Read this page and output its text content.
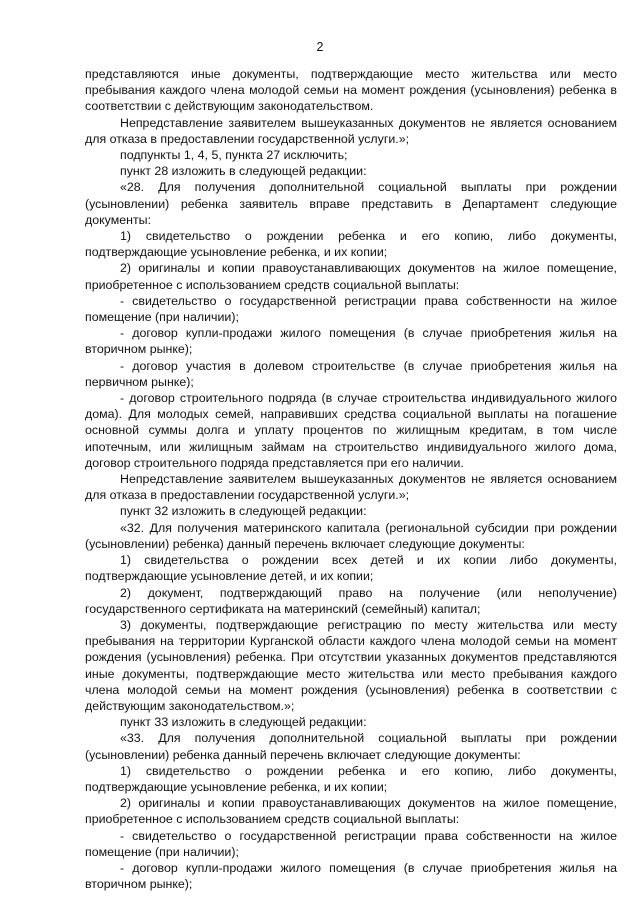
2

представляются иные документы, подтверждающие место жительства или место пребывания каждого члена молодой семьи на момент рождения (усыновления) ребенка в соответствии с действующим законодательством.

Непредставление заявителем вышеуказанных документов не является основанием для отказа в предоставлении государственной услуги.»;

подпункты 1, 4, 5, пункта 27 исключить;

пункт 28 изложить в следующей редакции:

«28. Для получения дополнительной социальной выплаты при рождении (усыновлении) ребенка заявитель вправе представить в Департамент следующие документы:

1) свидетельство о рождении ребенка и его копию, либо документы, подтверждающие усыновление ребенка, и их копии;

2) оригиналы и копии правоустанавливающих документов на жилое помещение, приобретенное с использованием средств социальной выплаты:

- свидетельство о государственной регистрации права собственности на жилое помещение (при наличии);

- договор купли-продажи жилого помещения (в случае приобретения жилья на вторичном рынке);

- договор участия в долевом строительстве (в случае приобретения жилья на первичном рынке);

- договор строительного подряда (в случае строительства индивидуального жилого дома). Для молодых семей, направивших средства социальной выплаты на погашение основной суммы долга и уплату процентов по жилищным кредитам, в том числе ипотечным, или жилищным займам на строительство индивидуального жилого дома, договор строительного подряда представляется при его наличии.

Непредставление заявителем вышеуказанных документов не является основанием для отказа в предоставлении государственной услуги.»;

пункт 32 изложить в следующей редакции:

«32. Для получения материнского капитала (региональной субсидии при рождении (усыновлении) ребенка) данный перечень включает следующие документы:

1) свидетельства о рождении всех детей и их копии либо документы, подтверждающие усыновление детей, и их копии;

2) документ, подтверждающий право на получение (или неполучение) государственного сертификата на материнский (семейный) капитал;

3) документы, подтверждающие регистрацию по месту жительства или месту пребывания на территории Курганской области каждого члена молодой семьи на момент рождения (усыновления) ребенка. При отсутствии указанных документов представляются иные документы, подтверждающие место жительства или место пребывания каждого члена молодой семьи на момент рождения (усыновления) ребенка в соответствии с действующим законодательством.»;

пункт 33 изложить в следующей редакции:

«33. Для получения дополнительной социальной выплаты при рождении (усыновлении) ребенка данный перечень включает следующие документы:

1) свидетельство о рождении ребенка и его копию, либо документы, подтверждающие усыновление ребенка, и их копии;

2) оригиналы и копии правоустанавливающих документов на жилое помещение, приобретенное с использованием средств социальной выплаты:

- свидетельство о государственной регистрации права собственности на жилое помещение (при наличии);

- договор купли-продажи жилого помещения (в случае приобретения жилья на вторичном рынке);
